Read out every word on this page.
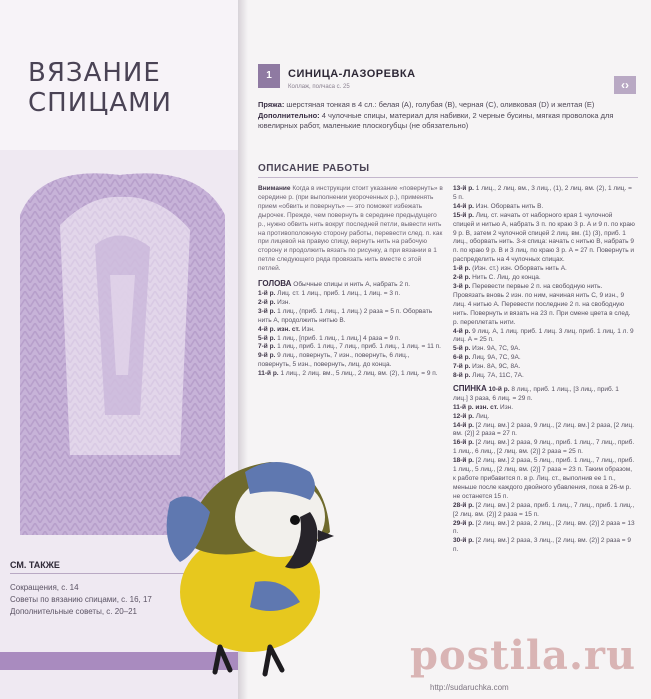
ВЯЗАНИЕ
СПИЦАМИ
СМ. ТАКЖЕ
Сокращения, с. 14
Советы по вязанию спицами, с. 16, 17
Дополнительные советы, с. 20–21
1	СИНИЦА-ЛАЗОРЕВКА
Коллаж, полчаса с. 25	‹›
Пряжа: шерстяная тонкая в 4 сл.: белая (А), голубая (В), черная (С), оливковая (D) и желтая (Е)
Дополнительно: 4 чулочные спицы, материал для набивки, 2 черные бусины, мягкая проволока для ювелирных работ, маленькие плоскогубцы (не обязательно)
ОПИСАНИЕ РАБОТЫ

Внимание Когда в инструкции стоит указание «повернуть» в середине р. (при выполнении укороченных р.), применять прием «обвить и повернуть» — это поможет избежать дырочек. Прежде, чем повернуть в середине предыдущего р., нужно обвить нить вокруг последней петли, вывести нить на противоположную сторону работы, перевести след. п. как при лицевой на правую спицу, вернуть нить на рабочую сторону и продолжить вязать по рисунку, а при вязании в 1 петле следующего ряда провязать нить вместе с этой петлей.

ГОЛОВА Обычные спицы и нить А, набрать 2 п.

1-й р. Лиц. ст. 1 лиц., приб. 1 лиц., 1 лиц. = 3 п.

2-й р. Изн.

3-й р. 1 лиц., (приб. 1 лиц., 1 лиц.) 2 раза = 5 п. Оборвать нить А, продолжить нитью В.

4-й р. изн. ст. Изн.

5-й р. 1 лиц., [приб. 1 лиц., 1 лиц.] 4 раза = 9 п.

7-й р. 1 лиц., приб. 1 лиц., 7 лиц., приб. 1 лиц., 1 лиц. = 11 п.

9-й р. 9 лиц., повернуть, 7 изн., повернуть, 6 лиц., повернуть, 5 изн., повернуть, лиц. до конца.

11-й р. 1 лиц., 2 лиц. вм., 5 лиц., 2 лиц. вм. (2), 1 лиц. = 9 п.

13-й р. 1 лиц., 2 лиц. вм., 3 лиц., (1), 2 лиц. вм. (2), 1 лиц. = 5 п.

14-й р. Изн. Оборвать нить В.

15-й р. Лиц. ст. начать от наборного края 1 чулочной спицей и нитью А, набрать 3 п. по краю 3 р. А и 9 п. по краю 9 р. В, затем 2 чулочной спицей 2 лиц. вм. (1) (3), приб. 1 лиц., оборвать нить. 3-я спица: начать с нитью В, набрать 9 п. по краю 9 р. В и 3 лиц. по краю 3 р. А = 27 п. Повернуть и распределить на 4 чулочных спицах.

1-й р. (Изн. ст.) изн. Оборвать нить А.

2-й р. Нить С. Лиц. до конца.

3-й р. Перевести первые 2 п. на свободную нить. Провязать вновь 2 изн. по ним, начиная нить С, 9 изн., 9 лиц. 4 нитью А. Перевести последние 2 п. на свободную нить. Повернуть и вязать на 23 п. При смене цвета в след. р. переплетать нити.

4-й р. 9 лиц. А, 1 лиц. приб. 1 лиц. 3 лиц. приб. 1 лиц. 1 л. 9 лиц. А = 25 п.

5-й р. Изн. 9А, 7С, 9А.

6-й р. Лиц. 9А, 7С, 9А.

7-й р. Изн. 8А, 9С, 8А.

8-й р. Лиц. 7А, 11С, 7А.

СПИНКА 10-й р. 8 лиц., приб. 1 лиц., [3 лиц., приб. 1 лиц.] 3 раза, 6 лиц. = 29 п.

11-й р. изн. ст. Изн.

12-й р. Лиц.

14-й р. [2 лиц. вм.] 2 раза, 9 лиц., [2 лиц. вм.] 2 раза, [2 лиц. вм. (2)] 2 раза = 27 п.

16-й р. [2 лиц. вм.] 2 раза, 9 лиц., приб. 1 лиц., 7 лиц., приб. 1 лиц., 6 лиц., [2 лиц. вм. (2)] 2 раза = 25 п.

18-й р. [2 лиц. вм.] 2 раза, 5 лиц., приб. 1 лиц., 7 лиц., приб. 1 лиц., 5 лиц., [2 лиц. вм. (2)] 7 раза = 23 п. Таким образом, к работе прибавится п. в р. Лиц. ст., выполнив ее 1 п., меньше после каждого двойного убавления, пока в 26-м р. не останется 15 п.

28-й р. [2 лиц. вм.] 2 раза, приб. 1 лиц., 7 лиц., приб. 1 лиц., [2 лиц. вм. (2)] 2 раза = 15 п.

29-й р. [2 лиц. вм.] 2 раза, 2 лиц., [2 лиц. вм. (2)] 2 раза = 13 п.

30-й р. [2 лиц. вм.] 2 раза, 3 лиц., [2 лиц. вм. (2)] 2 раза = 9 п.

postila.ru
http://sudaruchka.com
